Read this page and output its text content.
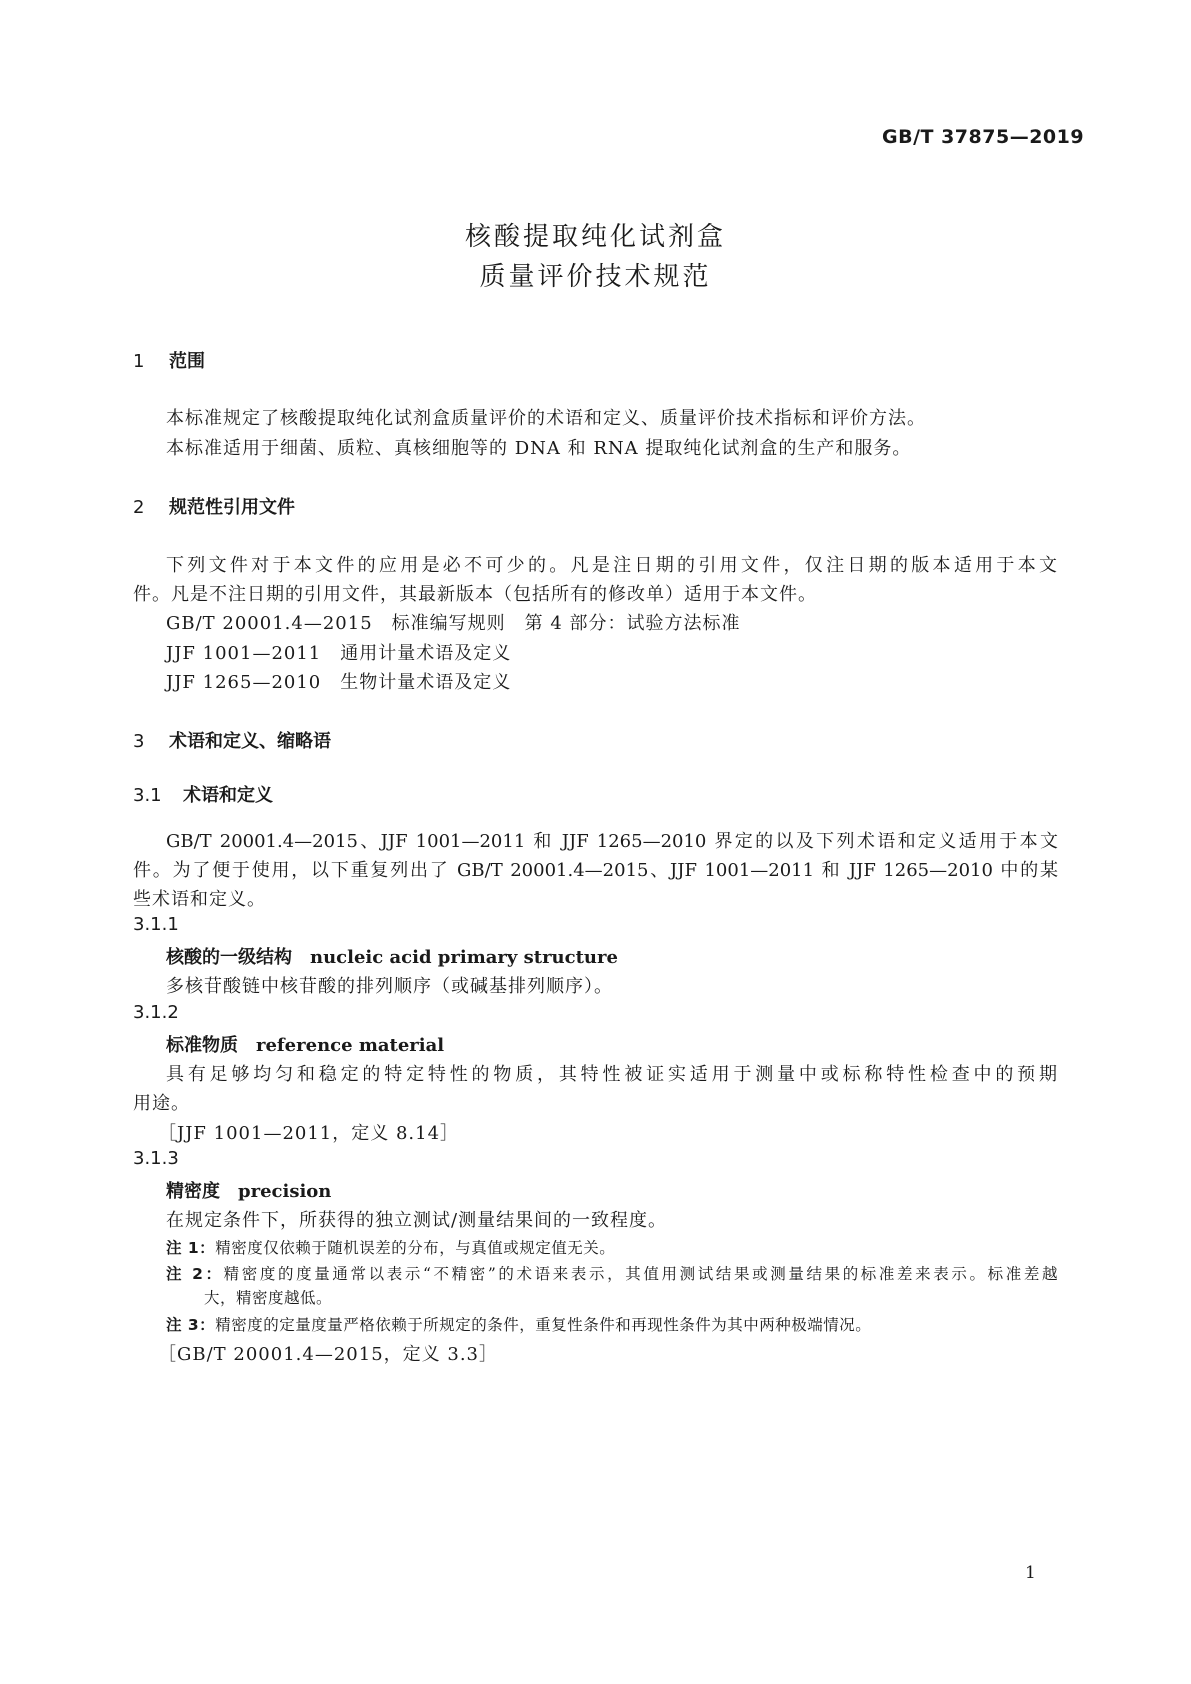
GB/T 37875—2019
核酸提取纯化试剂盒
质量评价技术规范
1 范围
本标准规定了核酸提取纯化试剂盒质量评价的术语和定义、质量评价技术指标和评价方法。
本标准适用于细菌、质粒、真核细胞等的 DNA 和 RNA 提取纯化试剂盒的生产和服务。
2 规范性引用文件
下列文件对于本文件的应用是必不可少的。凡是注日期的引用文件，仅注日期的版本适用于本文
件。凡是不注日期的引用文件，其最新版本（包括所有的修改单）适用于本文件。
GB/T 20001.4—2015　标准编写规则　第 4 部分：试验方法标准
JJF 1001—2011　通用计量术语及定义
JJF 1265—2010　生物计量术语及定义
3 术语和定义、缩略语
3.1 术语和定义
GB/T 20001.4—2015、JJF 1001—2011 和 JJF 1265—2010 界定的以及下列术语和定义适用于本文
件。为了便于使用，以下重复列出了 GB/T 20001.4—2015、JJF 1001—2011 和 JJF 1265—2010 中的某
些术语和定义。
3.1.1
核酸的一级结构 nucleic acid primary structure
多核苷酸链中核苷酸的排列顺序（或碱基排列顺序）。
3.1.2
标准物质 reference material
具有足够均匀和稳定的特定特性的物质，其特性被证实适用于测量中或标称特性检查中的预期
用途。
［JJF 1001—2011，定义 8.14］
3.1.3
精密度 precision
在规定条件下，所获得的独立测试/测量结果间的一致程度。
注 1：精密度仅依赖于随机误差的分布，与真值或规定值无关。
注 2：精密度的度量通常以表示“不精密”的术语来表示，其值用测试结果或测量结果的标准差来表示。标准差越
大，精密度越低。
注 3：精密度的定量度量严格依赖于所规定的条件，重复性条件和再现性条件为其中两种极端情况。
［GB/T 20001.4—2015，定义 3.3］
1
